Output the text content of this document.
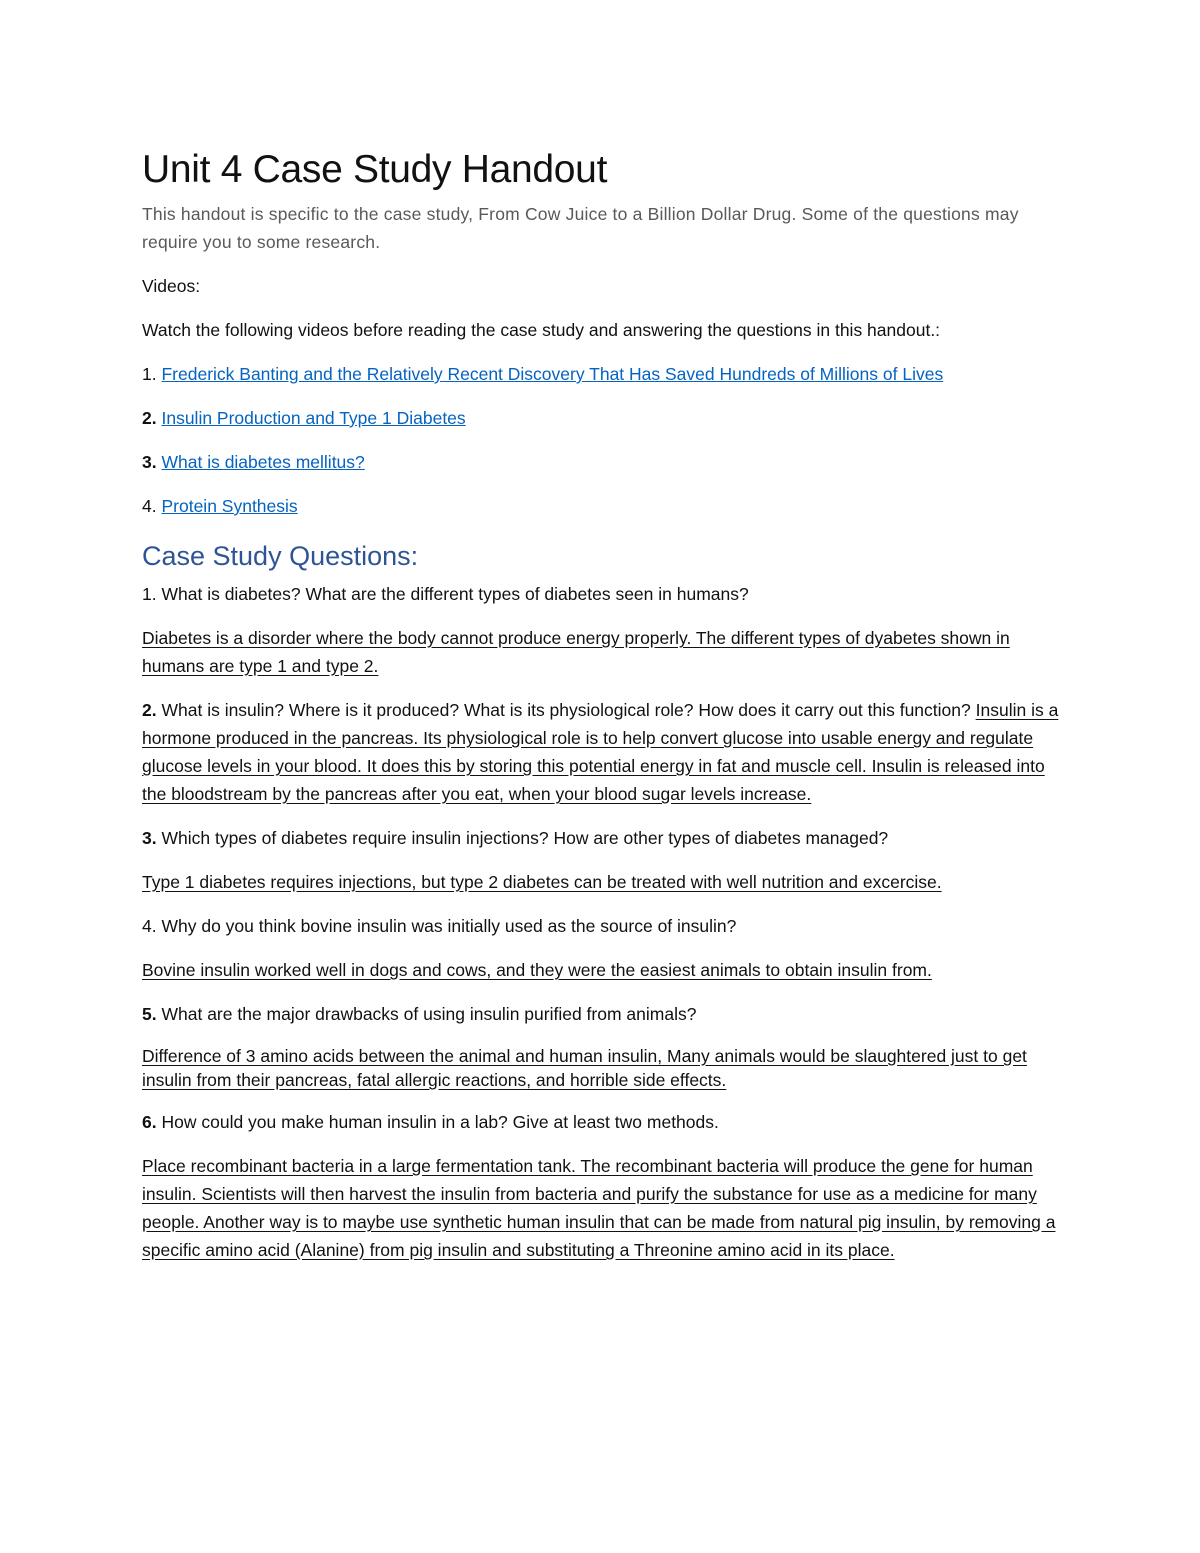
Unit 4 Case Study Handout

This handout is specific to the case study, From Cow Juice to a Billion Dollar Drug. Some of the questions may require you to some research.

Videos:

Watch the following videos before reading the case study and answering the questions in this handout.:

1. Frederick Banting and the Relatively Recent Discovery That Has Saved Hundreds of Millions of Lives

2. Insulin Production and Type 1 Diabetes

3. What is diabetes mellitus?

4. Protein Synthesis

Case Study Questions:

1. What is diabetes? What are the different types of diabetes seen in humans?

Diabetes is a disorder where the body cannot produce energy properly. The different types of dyabetes shown in humans are type 1 and type 2.

2. What is insulin? Where is it produced? What is its physiological role? How does it carry out this function? Insulin is a hormone produced in the pancreas. Its physiological role is to help convert glucose into usable energy and regulate glucose levels in your blood. It does this by storing this potential energy in fat and muscle cell. Insulin is released into the bloodstream by the pancreas after you eat, when your blood sugar levels increase.

3. Which types of diabetes require insulin injections? How are other types of diabetes managed?

Type 1 diabetes requires injections, but type 2 diabetes can be treated with well nutrition and excercise.

4. Why do you think bovine insulin was initially used as the source of insulin?

Bovine insulin worked well in dogs and cows, and they were the easiest animals to obtain insulin from.

5. What are the major drawbacks of using insulin purified from animals?

Difference of 3 amino acids between the animal and human insulin, Many animals would be slaughtered just to get insulin from their pancreas, fatal allergic reactions, and horrible side effects.

6. How could you make human insulin in a lab? Give at least two methods.

Place recombinant bacteria in a large fermentation tank. The recombinant bacteria will produce the gene for human insulin. Scientists will then harvest the insulin from bacteria and purify the substance for use as a medicine for many people. Another way is to maybe use synthetic human insulin that can be made from natural pig insulin, by removing a specific amino acid (Alanine) from pig insulin and substituting a Threonine amino acid in its place.
